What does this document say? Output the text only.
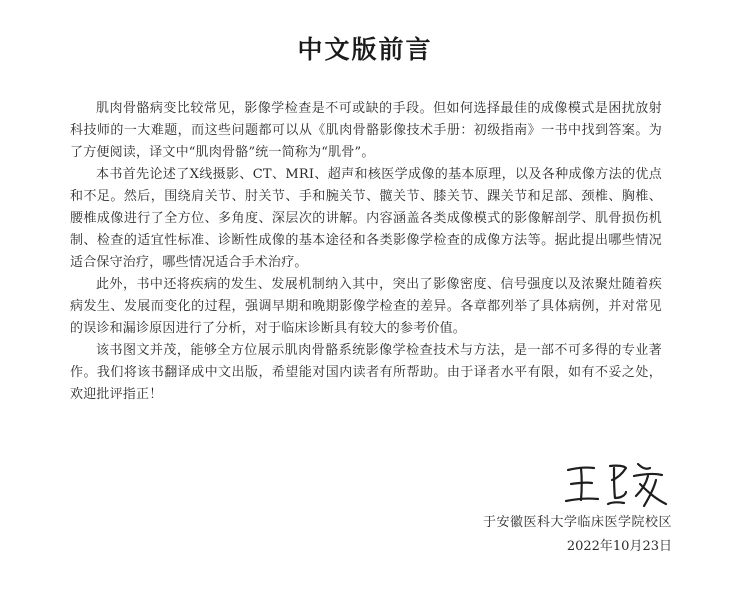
中文版前言

肌肉骨骼病变比较常见，影像学检查是不可或缺的手段。但如何选择最佳的成像模式是困扰放射科技师的一大难题，而这些问题都可以从《肌肉骨骼影像技术手册：初级指南》一书中找到答案。为了方便阅读，译文中“肌肉骨骼”统一简称为“肌骨”。

本书首先论述了X线摄影、CT、MRI、超声和核医学成像的基本原理，以及各种成像方法的优点和不足。然后，围绕肩关节、肘关节、手和腕关节、髋关节、膝关节、踝关节和足部、颈椎、胸椎、腰椎成像进行了全方位、多角度、深层次的讲解。内容涵盖各类成像模式的影像解剖学、肌骨损伤机制、检查的适宜性标准、诊断性成像的基本途径和各类影像学检查的成像方法等。据此提出哪些情况适合保守治疗，哪些情况适合手术治疗。

此外，书中还将疾病的发生、发展机制纳入其中，突出了影像密度、信号强度以及浓聚灶随着疾病发生、发展而变化的过程，强调早期和晚期影像学检查的差异。各章都列举了具体病例，并对常见的误诊和漏诊原因进行了分析，对于临床诊断具有较大的参考价值。

该书图文并茂，能够全方位展示肌肉骨骼系统影像学检查技术与方法，是一部不可多得的专业著作。我们将该书翻译成中文出版，希望能对国内读者有所帮助。由于译者水平有限，如有不妥之处，欢迎批评指正！

于安徽医科大学临床医学院校区
2022年10月23日
